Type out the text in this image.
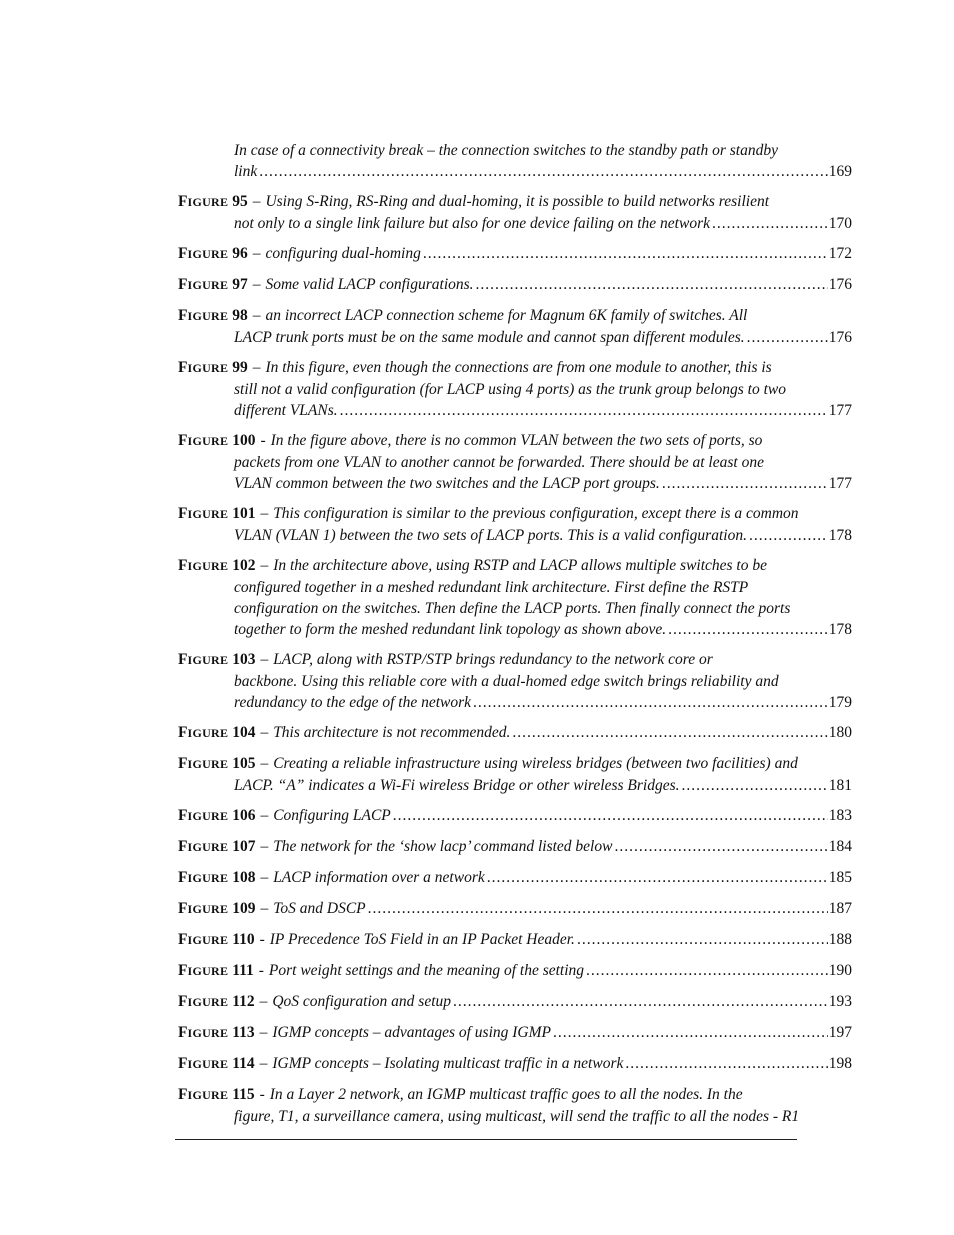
In case of a connectivity break – the connection switches to the standby path or standby
link .....	169
FIGURE 95 – Using S-Ring, RS-Ring and dual-homing, it is possible to build networks resilient
not only to a single link failure but also for one device failing on the network .....	170
FIGURE 96 – configuring dual-homing .....	172
FIGURE 97 – Some valid LACP configurations. .....	176
FIGURE 98 – an incorrect LACP connection scheme for Magnum 6K family of switches. All
LACP trunk ports must be on the same module and cannot span different modules. .....	176
FIGURE 99 – In this figure, even though the connections are from one module to another, this is
still not a valid configuration (for LACP using 4 ports) as the trunk group belongs to two
different VLANs. .....	177
FIGURE 100 - In the figure above, there is no common VLAN between the two sets of ports, so
packets from one VLAN to another cannot be forwarded. There should be at least one
VLAN common between the two switches and the LACP port groups. .....	177
FIGURE 101 – This configuration is similar to the previous configuration, except there is a common
VLAN (VLAN 1) between the two sets of LACP ports. This is a valid configuration. .....	178
FIGURE 102 – In the architecture above, using RSTP and LACP allows multiple switches to be
configured together in a meshed redundant link architecture. First define the RSTP
configuration on the switches. Then define the LACP ports. Then finally connect the ports
together to form the meshed redundant link topology as shown above. .....	178
FIGURE 103 – LACP, along with RSTP/STP brings redundancy to the network core or
backbone. Using this reliable core with a dual-homed edge switch brings reliability and
redundancy to the edge of the network .....	179
FIGURE 104 – This architecture is not recommended. .....	180
FIGURE 105 – Creating a reliable infrastructure using wireless bridges (between two facilities) and
LACP. “A” indicates a Wi-Fi wireless Bridge or other wireless Bridges. .....	181
FIGURE 106 – Configuring LACP .....	183
FIGURE 107 – The network for the ‘show lacp’ command listed below .....	184
FIGURE 108 – LACP information over a network .....	185
FIGURE 109 – ToS and DSCP .....	187
FIGURE 110 - IP Precedence ToS Field in an IP Packet Header. .....	188
FIGURE 111 - Port weight settings and the meaning of the setting .....	190
FIGURE 112 – QoS configuration and setup .....	193
FIGURE 113 – IGMP concepts – advantages of using IGMP .....	197
FIGURE 114 – IGMP concepts – Isolating multicast traffic in a network .....	198
FIGURE 115 - In a Layer 2 network, an IGMP multicast traffic goes to all the nodes. In the
figure, T1, a surveillance camera, using multicast, will send the traffic to all the nodes - R1
